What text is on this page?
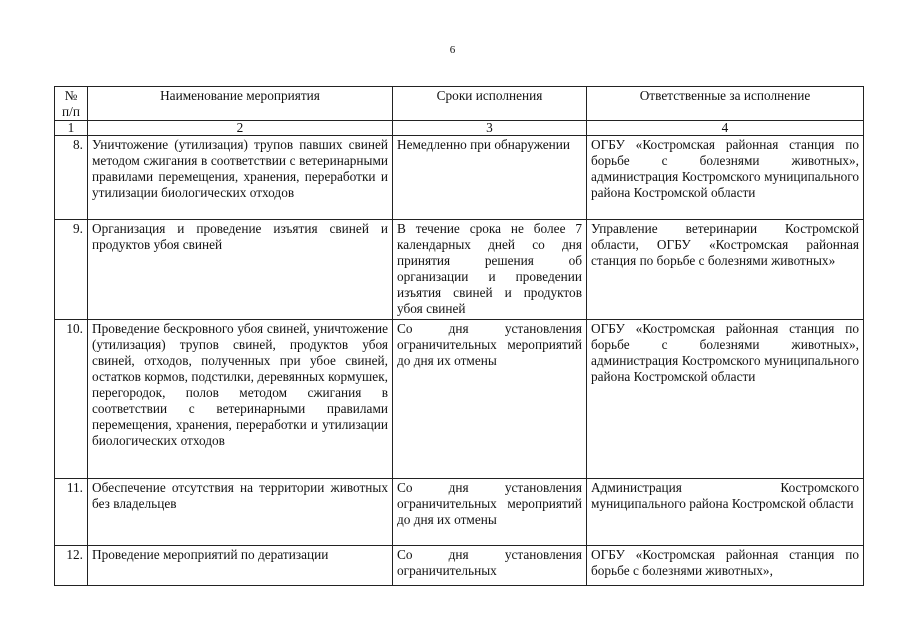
6
№ п/п	Наименование мероприятия	Сроки исполнения	Ответственные за исполнение
1	2	3	4
8.	Уничтожение (утилизация) трупов павших свиней методом сжигания в соответствии с ветеринарными правилами перемещения, хранения, переработки и утилизации биологических отходов	Немедленно при обнаружении	ОГБУ «Костромская районная станция по борьбе с болезнями животных», администрация Костромского муниципального района Костромской области
9.	Организация и проведение изъятия свиней и продуктов убоя свиней	В течение срока не более 7 календарных дней со дня принятия решения об организации и проведении изъятия свиней и продуктов убоя свиней	Управление ветеринарии Костромской области, ОГБУ «Костромская районная станция по борьбе с болезнями животных»
10.	Проведение бескровного убоя свиней, уничтожение (утилизация) трупов свиней, продуктов убоя свиней, отходов, полученных при убое свиней, остатков кормов, подстилки, деревянных кормушек, перегородок, полов методом сжигания в соответствии с ветеринарными правилами перемещения, хранения, переработки и утилизации биологических отходов	Со дня установления ограничительных мероприятий до дня их отмены	ОГБУ «Костромская районная станция по борьбе с болезнями животных», администрация Костромского муниципального района Костромской области
11.	Обеспечение отсутствия на территории животных без владельцев	Со дня установления ограничительных мероприятий до дня их отмены	Администрация Костромского муниципального района Костромской области
12.	Проведение мероприятий по дератизации	Со дня установления ограничительных	ОГБУ «Костромская районная станция по борьбе с болезнями животных»,
